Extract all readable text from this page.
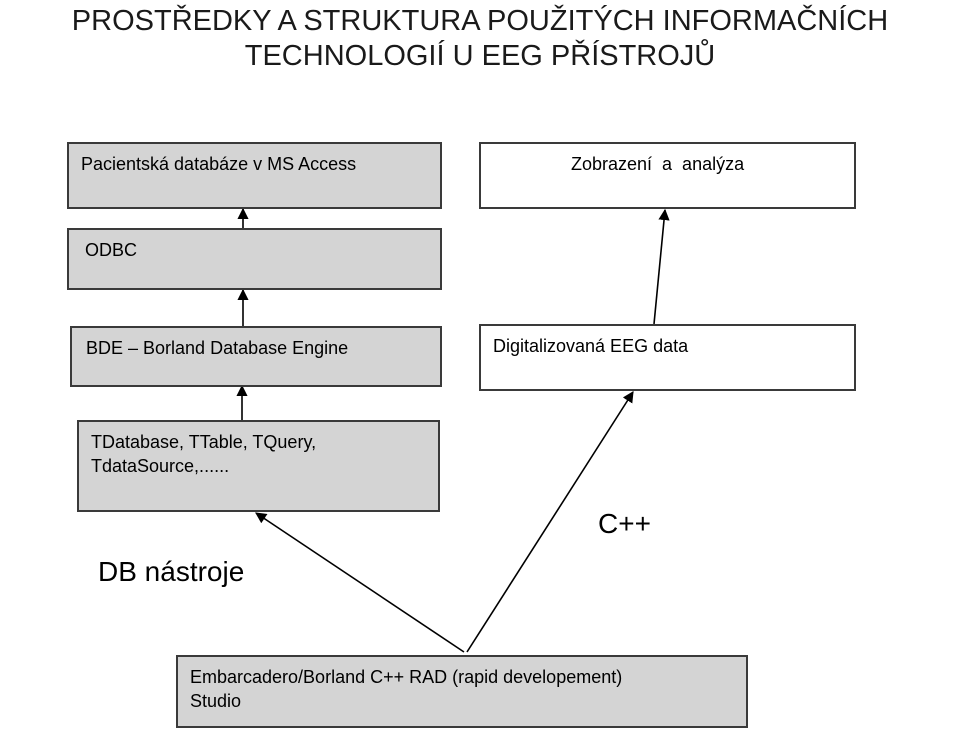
PROSTŘEDKY A STRUKTURA POUŽITÝCH INFORMAČNÍCH
TECHNOLOGIÍ U EEG PŘÍSTROJŮ
Pacientská databáze v MS Access	Zobrazení  a  analýza
ODBC
BDE – Borland Database Engine	Digitalizovaná EEG data
TDatabase, TTable, TQuery,
TdataSource,......
Embarcadero/Borland C++ RAD (rapid developement)
Studio
DB nástroje
C++
